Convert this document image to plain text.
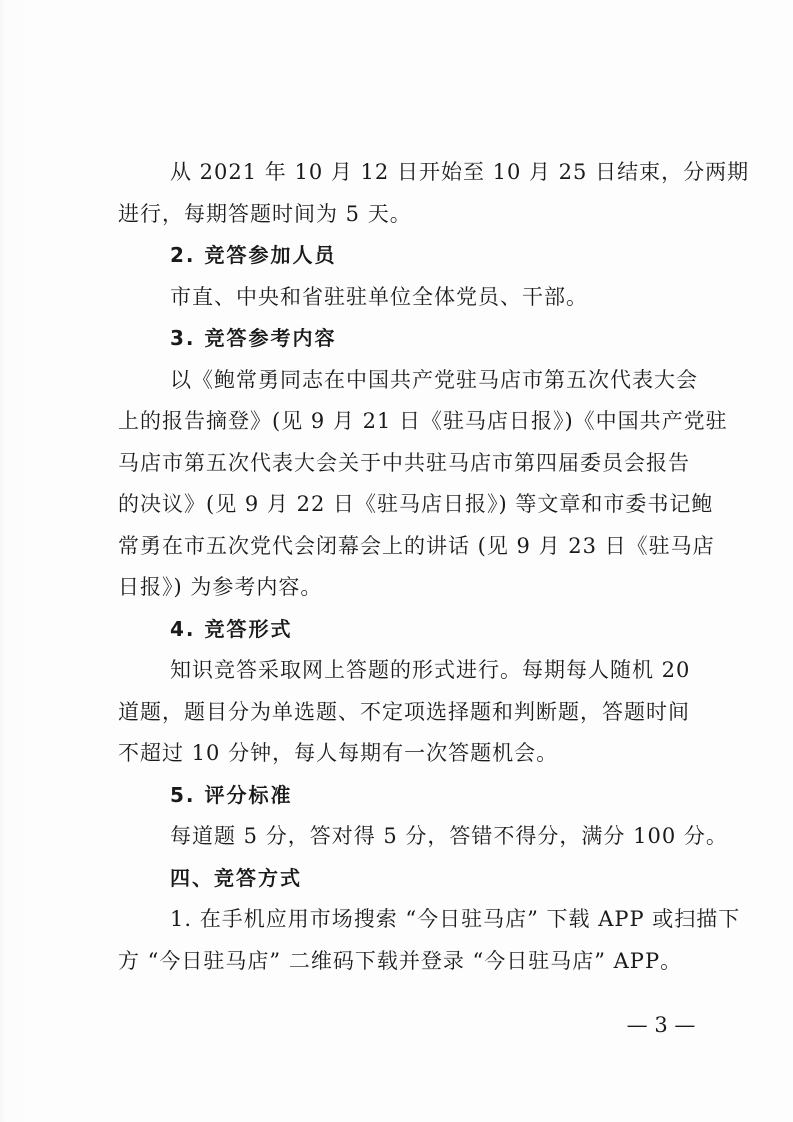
从 2021 年 10 月 12 日开始至 10 月 25 日结束，分两期
进行，每期答题时间为 5 天。
2. 竞答参加人员
市直、中央和省驻驻单位全体党员、干部。
3. 竞答参考内容
以《鲍常勇同志在中国共产党驻马店市第五次代表大会
上的报告摘登》(见 9 月 21 日《驻马店日报》)《中国共产党驻
马店市第五次代表大会关于中共驻马店市第四届委员会报告
的决议》(见 9 月 22 日《驻马店日报》) 等文章和市委书记鲍
常勇在市五次党代会闭幕会上的讲话 (见 9 月 23 日《驻马店
日报》) 为参考内容。
4. 竞答形式
知识竞答采取网上答题的形式进行。每期每人随机 20
道题，题目分为单选题、不定项选择题和判断题，答题时间
不超过 10 分钟，每人每期有一次答题机会。
5. 评分标准
每道题 5 分，答对得 5 分，答错不得分，满分 100 分。
四、竞答方式
1. 在手机应用市场搜索 “今日驻马店” 下载 APP 或扫描下
方 “今日驻马店” 二维码下载并登录 “今日驻马店” APP。
— 3 —
